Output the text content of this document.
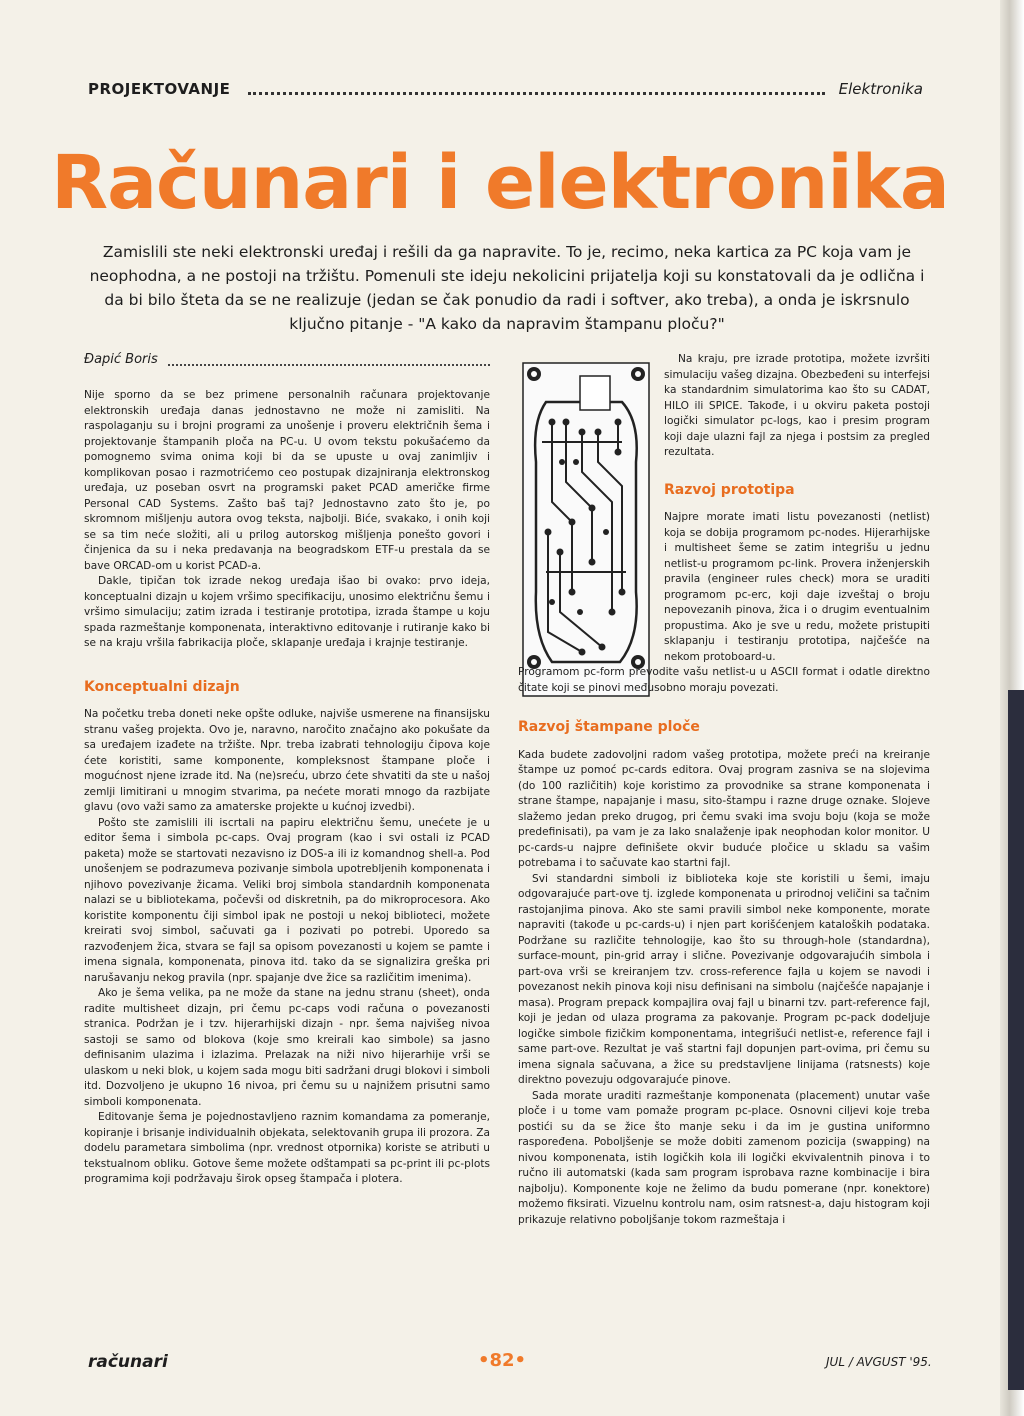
PROJEKTOVANJE	Elektronika
Računari i elektronika
Zamislili ste neki elektronski uređaj i rešili da ga napravite. To je, recimo, neka kartica za PC koja vam je neophodna, a ne postoji na tržištu. Pomenuli ste ideju nekolicini prijatelja koji su konstatovali da je odlična i da bi bilo šteta da se ne realizuje (jedan se čak ponudio da radi i softver, ako treba), a onda je iskrsnulo ključno pitanje - "A kako da napravim štampanu ploču?"
Đapić Boris

Nije sporno da se bez primene personalnih računara projektovanje elektronskih uređaja danas jednostavno ne može ni zamisliti. Na raspolaganju su i brojni programi za unošenje i proveru električnih šema i projektovanje štampanih ploča na PC-u. U ovom tekstu pokušaćemo da pomognemo svima onima koji bi da se upuste u ovaj zanimljiv i komplikovan posao i razmotrićemo ceo postupak dizajniranja elektronskog uređaja, uz poseban osvrt na programski paket PCAD američke firme Personal CAD Systems. Zašto baš taj? Jednostavno zato što je, po skromnom mišljenju autora ovog teksta, najbolji. Biće, svakako, i onih koji se sa tim neće složiti, ali u prilog autorskog mišljenja ponešto govori i činjenica da su i neka predavanja na beogradskom ETF-u prestala da se bave ORCAD-om u korist PCAD-a.

Dakle, tipičan tok izrade nekog uređaja išao bi ovako: prvo ideja, konceptualni dizajn u kojem vršimo specifikaciju, unosimo električnu šemu i vršimo simulaciju; zatim izrada i testiranje prototipa, izrada štampe u koju spada razmeštanje komponenata, interaktivno editovanje i rutiranje kako bi se na kraju vršila fabrikacija ploče, sklapanje uređaja i krajnje testiranje.

Konceptualni dizajn

Na početku treba doneti neke opšte odluke, najviše usmerene na finansijsku stranu vašeg projekta. Ovo je, naravno, naročito značajno ako pokušate da sa uređajem izađete na tržište. Npr. treba izabrati tehnologiju čipova koje ćete koristiti, same komponente, kompleksnost štampane ploče i mogućnost njene izrade itd. Na (ne)sreću, ubrzo ćete shvatiti da ste u našoj zemlji limitirani u mnogim stvarima, pa nećete morati mnogo da razbijate glavu (ovo važi samo za amaterske projekte u kućnoj izvedbi).

Pošto ste zamislili ili iscrtali na papiru električnu šemu, unećete je u editor šema i simbola pc-caps. Ovaj program (kao i svi ostali iz PCAD paketa) može se startovati nezavisno iz DOS-a ili iz komandnog shell-a. Pod unošenjem se podrazumeva pozivanje simbola upotrebljenih komponenata i njihovo povezivanje žicama. Veliki broj simbola standardnih komponenata nalazi se u bibliotekama, počevši od diskretnih, pa do mikroprocesora. Ako koristite komponentu čiji simbol ipak ne postoji u nekoj biblioteci, možete kreirati svoj simbol, sačuvati ga i pozivati po potrebi. Uporedo sa razvođenjem žica, stvara se fajl sa opisom povezanosti u kojem se pamte i imena signala, komponenata, pinova itd. tako da se signalizira greška pri narušavanju nekog pravila (npr. spajanje dve žice sa različitim imenima).

Ako je šema velika, pa ne može da stane na jednu stranu (sheet), onda radite multisheet dizajn, pri čemu pc-caps vodi računa o povezanosti stranica. Podržan je i tzv. hijerarhijski dizajn - npr. šema najvišeg nivoa sastoji se samo od blokova (koje smo kreirali kao simbole) sa jasno definisanim ulazima i izlazima. Prelazak na niži nivo hijerarhije vrši se ulaskom u neki blok, u kojem sada mogu biti sadržani drugi blokovi i simboli itd. Dozvoljeno je ukupno 16 nivoa, pri čemu su u najnižem prisutni samo simboli komponenata.

Editovanje šema je pojednostavljeno raznim komandama za pomeranje, kopiranje i brisanje individualnih objekata, selektovanih grupa ili prozora. Za dodelu parametara simbolima (npr. vrednost otpornika) koriste se atributi u tekstualnom obliku. Gotove šeme možete odštampati sa pc-print ili pc-plots programima koji podržavaju širok opseg štampača i plotera.

Na kraju, pre izrade prototipa, možete izvršiti simulaciju vašeg dizajna. Obezbeđeni su interfejsi ka standardnim simulatorima kao što su CADAT, HILO ili SPICE. Takođe, i u okviru paketa postoji logički simulator pc-logs, kao i presim program koji daje ulazni fajl za njega i postsim za pregled rezultata.

Razvoj prototipa

Najpre morate imati listu povezanosti (netlist) koja se dobija programom pc-nodes. Hijerarhijske i multisheet šeme se zatim integrišu u jednu netlist-u programom pc-link. Provera inženjerskih pravila (engineer rules check) mora se uraditi programom pc-erc, koji daje izveštaj o broju nepovezanih pinova, žica i o drugim eventualnim propustima. Ako je sve u redu, možete pristupiti sklapanju i testiranju prototipa, najčešće na nekom protoboard-u.

Programom pc-form prevodite vašu netlist-u u ASCII format i odatle direktno čitate koji se pinovi međusobno moraju povezati.

Razvoj štampane ploče

Kada budete zadovoljni radom vašeg prototipa, možete preći na kreiranje štampe uz pomoć pc-cards editora. Ovaj program zasniva se na slojevima (do 100 različitih) koje koristimo za provodnike sa strane komponenata i strane štampe, napajanje i masu, sito-štampu i razne druge oznake. Slojeve slažemo jedan preko drugog, pri čemu svaki ima svoju boju (koja se može predefinisati), pa vam je za lako snalaženje ipak neophodan kolor monitor. U pc-cards-u najpre definišete okvir buduće pločice u skladu sa vašim potrebama i to sačuvate kao startni fajl.

Svi standardni simboli iz biblioteka koje ste koristili u šemi, imaju odgovarajuće part-ove tj. izglede komponenata u prirodnoj veličini sa tačnim rastojanjima pinova. Ako ste sami pravili simbol neke komponente, morate napraviti (takođe u pc-cards-u) i njen part korišćenjem kataloških podataka. Podržane su različite tehnologije, kao što su through-hole (standardna), surface-mount, pin-grid array i slične. Povezivanje odgovarajućih simbola i part-ova vrši se kreiranjem tzv. cross-reference fajla u kojem se navodi i povezanost nekih pinova koji nisu definisani na simbolu (najčešće napajanje i masa). Program prepack kompajlira ovaj fajl u binarni tzv. part-reference fajl, koji je jedan od ulaza programa za pakovanje. Program pc-pack dodeljuje logičke simbole fizičkim komponentama, integrišući netlist-e, reference fajl i same part-ove. Rezultat je vaš startni fajl dopunjen part-ovima, pri čemu su imena signala sačuvana, a žice su predstavljene linijama (ratsnests) koje direktno povezuju odgovarajuće pinove.

Sada morate uraditi razmeštanje komponenata (placement) unutar vaše ploče i u tome vam pomaže program pc-place. Osnovni ciljevi koje treba postići su da se žice što manje seku i da im je gustina uniformno raspoređena. Poboljšenje se može dobiti zamenom pozicija (swapping) na nivou komponenata, istih logičkih kola ili logički ekvivalentnih pinova i to ručno ili automatski (kada sam program isprobava razne kombinacije i bira najbolju). Komponente koje ne želimo da budu pomerane (npr. konektore) možemo fiksirati. Vizuelnu kontrolu nam, osim ratsnest-a, daju histogram koji prikazuje relativno poboljšanje tokom razmeštaja i

računari	•82•	JUL / AVGUST '95.
